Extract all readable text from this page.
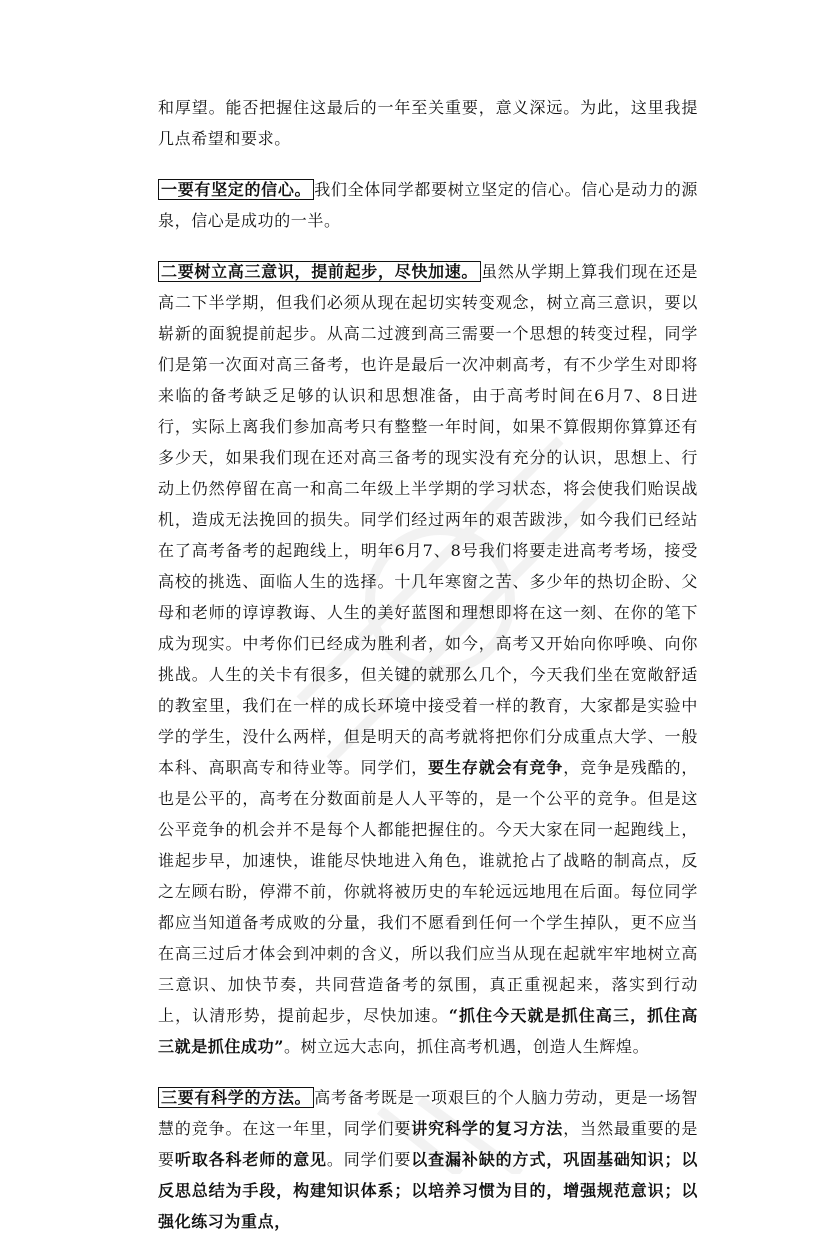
和厚望。能否把握住这最后的一年至关重要，意义深远。为此，这里我提几点希望和要求。

一要有坚定的信心。 我们全体同学都要树立坚定的信心。信心是动力的源泉，信心是成功的一半。

二要树立高三意识，提前起步，尽快加速。 虽然从学期上算我们现在还是高二下半学期，但我们必须从现在起切实转变观念，树立高三意识，要以崭新的面貌提前起步。从高二过渡到高三需要一个思想的转变过程，同学们是第一次面对高三备考，也许是最后一次冲刺高考，有不少学生对即将来临的备考缺乏足够的认识和思想准备，由于高考时间在6月7、8日进行，实际上离我们参加高考只有整整一年时间，如果不算假期你算算还有多少天，如果我们现在还对高三备考的现实没有充分的认识，思想上、行动上仍然停留在高一和高二年级上半学期的学习状态，将会使我们贻误战机，造成无法挽回的损失。同学们经过两年的艰苦跋涉，如今我们已经站在了高考备考的起跑线上，明年6月7、8号我们将要走进高考考场，接受高校的挑选、面临人生的选择。十几年寒窗之苦、多少年的热切企盼、父母和老师的谆谆教诲、人生的美好蓝图和理想即将在这一刻、在你的笔下成为现实。中考你们已经成为胜利者，如今，高考又开始向你呼唤、向你挑战。人生的关卡有很多，但关键的就那么几个，今天我们坐在宽敞舒适的教室里，我们在一样的成长环境中接受着一样的教育，大家都是实验中学的学生，没什么两样，但是明天的高考就将把你们分成重点大学、一般本科、高职高专和待业等。同学们，要生存就会有竞争，竞争是残酷的，也是公平的，高考在分数面前是人人平等的，是一个公平的竞争。但是这公平竞争的机会并不是每个人都能把握住的。今天大家在同一起跑线上，谁起步早，加速快，谁能尽快地进入角色，谁就抢占了战略的制高点，反之左顾右盼，停滞不前，你就将被历史的车轮远远地甩在后面。每位同学都应当知道备考成败的分量，我们不愿看到任何一个学生掉队，更不应当在高三过后才体会到冲刺的含义，所以我们应当从现在起就牢牢地树立高三意识、加快节奏，共同营造备考的氛围，真正重视起来，落实到行动上，认清形势，提前起步，尽快加速。“抓住今天就是抓住高三，抓住高三就是抓住成功”。树立远大志向，抓住高考机遇，创造人生辉煌。

三要有科学的方法。 高考备考既是一项艰巨的个人脑力劳动，更是一场智慧的竞争。在这一年里，同学们要讲究科学的复习方法，当然最重要的是要听取各科老师的意见。同学们要以查漏补缺的方式，巩固基础知识；以反思总结为手段，构建知识体系；以培养习惯为目的，增强规范意识；以强化练习为重点，
